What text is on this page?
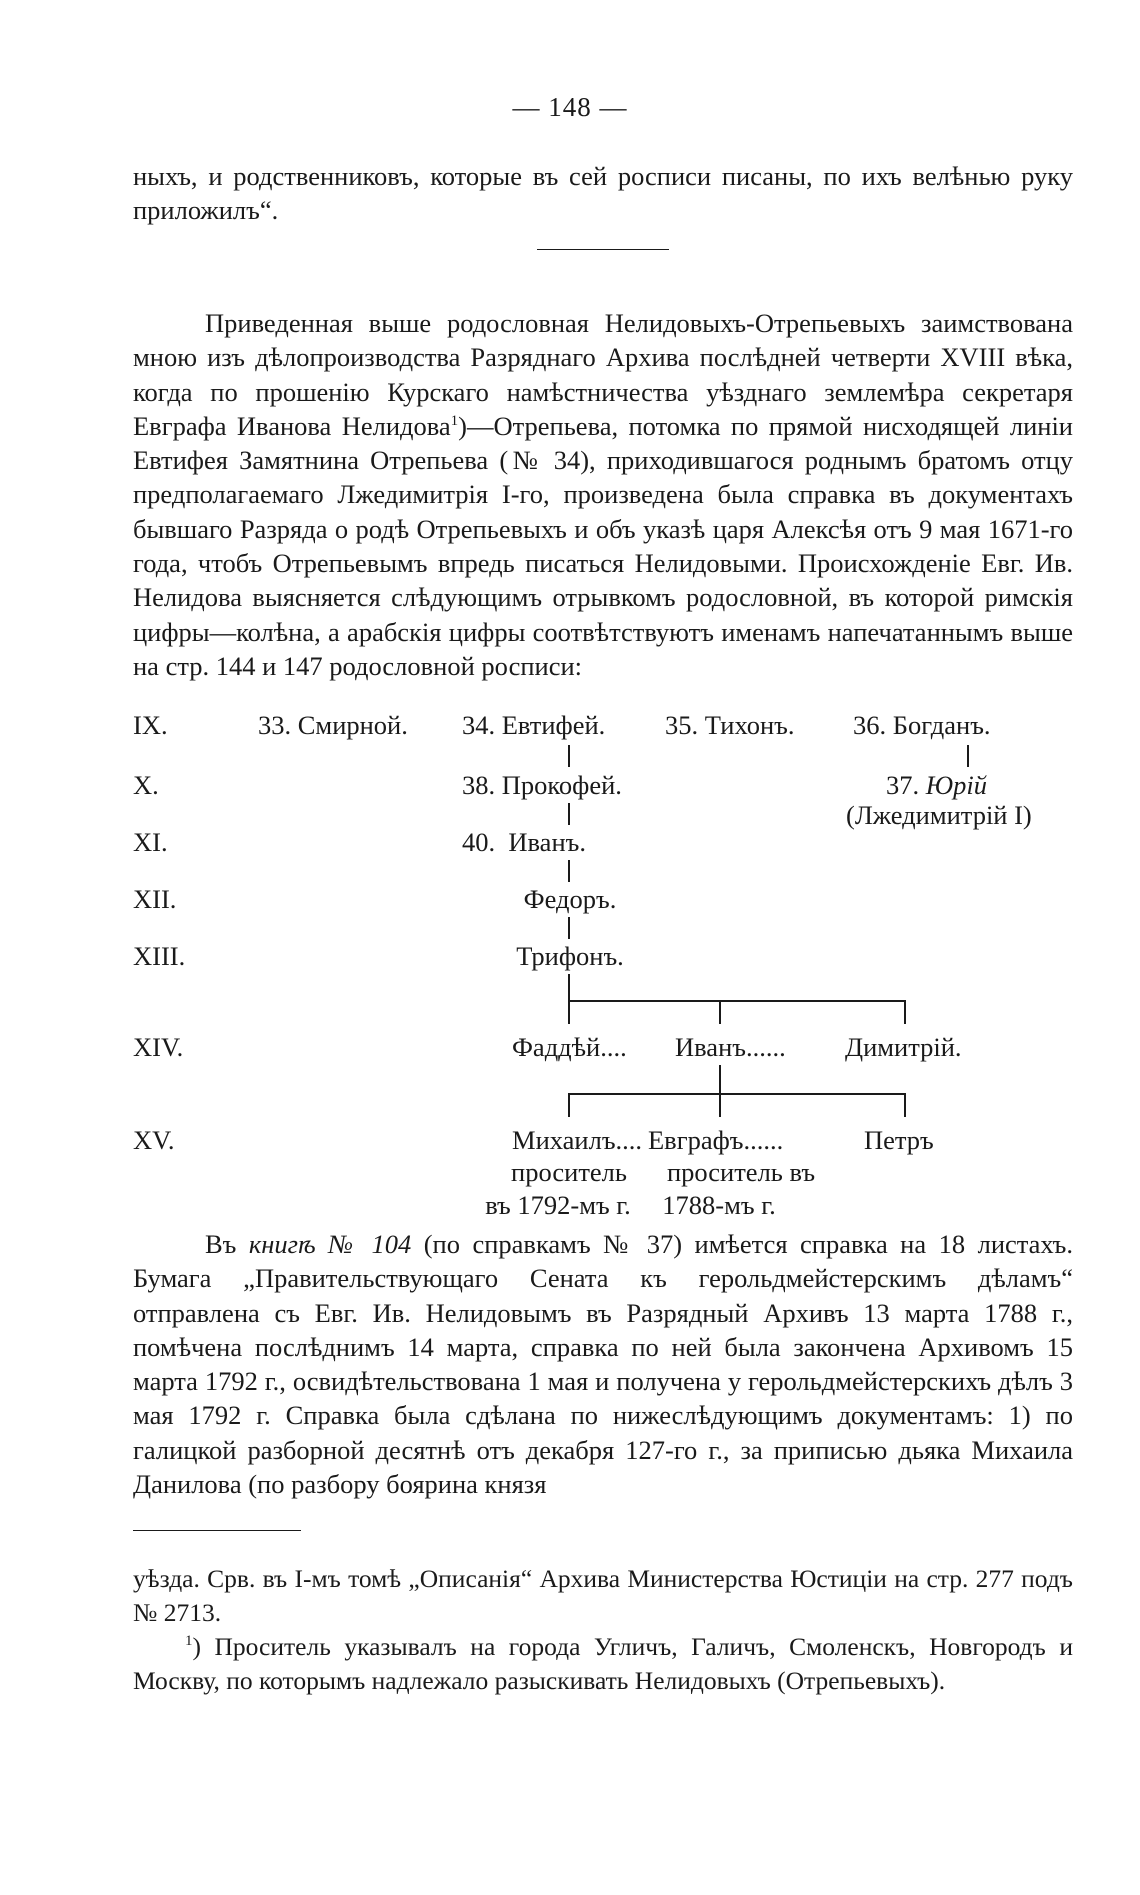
— 148 —

ныхъ, и родственниковъ, которые въ сей росписи писаны, по ихъ велѣнью руку приложилъ“.

Приведенная выше родословная Нелидовыхъ-Отрепьевыхъ заимствована мною изъ дѣлопроизводства Разряднаго Архива послѣдней четверти XVIII вѣка, когда по прошенію Курскаго намѣстничества уѣзднаго землемѣра секретаря Евграфа Иванова Нелидова$^1$)—Отрепьева, потомка по прямой нисходящей линіи Евтифея Замятнина Отрепьева (№ 34), приходившагося роднымъ братомъ отцу предполагаемаго Лжедимитрія I-го, произведена была справка въ документахъ бывшаго Разряда о родѣ Отрепьевыхъ и объ указѣ царя Алексѣя отъ 9 мая 1671-го года, чтобъ Отрепьевымъ впредь писаться Нелидовыми. Происхожденіе Евг. Ив. Нелидова выясняется слѣдующимъ отрывкомъ родословной, въ которой римскія цифры—колѣна, а арабскія цифры соотвѣтствуютъ именамъ напечатаннымъ выше на стр. 144 и 147 родословной росписи:

IX.
X.
XI.
XII.
XIII.
XIV.
XV.
33. Смирной. 34. Евтифей. 35. Тихонъ. 36. Богданъ.
38. Прокофей.	37. Юрій
(Лжедимитрій I)
40. Иванъ.
Федоръ.
Трифонъ.
Фаддѣй.... Иванъ...... Димитрій.
Михаилъ.... Евграфъ......	Петръ
проситель
въ 1792-мъ г.
проситель въ
1788-мъ г.

Въ книгѣ № 104 (по справкамъ № 37) имѣется справка на 18 листахъ. Бумага „Правительствующаго Сената къ герольдмейстерскимъ дѣламъ“ отправлена съ Евг. Ив. Нелидовымъ въ Разрядный Архивъ 13 марта 1788 г., помѣчена послѣднимъ 14 марта, справка по ней была закончена Архивомъ 15 марта 1792 г., освидѣтельствована 1 мая и получена у герольдмейстерскихъ дѣлъ 3 мая 1792 г. Справка была сдѣлана по нижеслѣдующимъ документамъ: 1) по галицкой разборной десятнѣ отъ декабря 127-го г., за приписью дьяка Михаила Данилова (по разбору боярина князя

уѣзда. Срв. въ I-мъ томѣ „Описанія“ Архива Министерства Юстиціи на стр. 277 подъ № 2713.

$^1$) Проситель указывалъ на города Угличъ, Галичъ, Смоленскъ, Новгородъ и Москву, по которымъ надлежало разыскивать Нелидовыхъ (Отрепьевыхъ).
